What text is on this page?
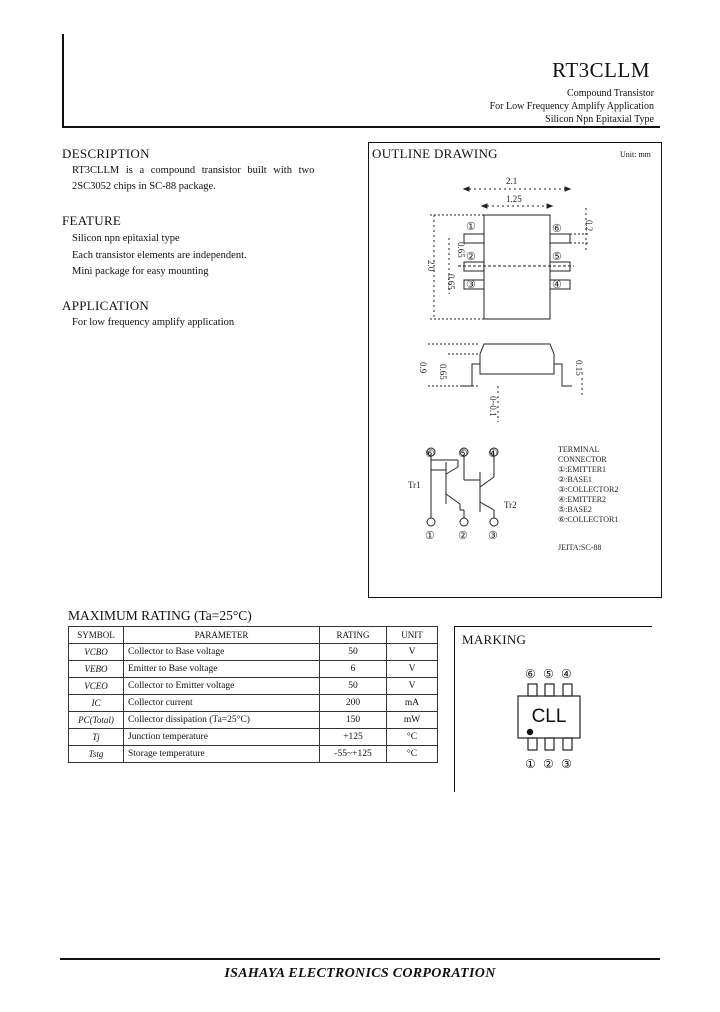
RT3CLLM
Compound Transistor
For Low Frequency Amplify Application
Silicon Npn Epitaxial Type
DESCRIPTION
RT3CLLM is a compound transistor built with two
2SC3052 chips in SC-88 package.
FEATURE
Silicon npn epitaxial type
Each transistor elements are independent.
Mini package for easy mounting
APPLICATION
For low frequency amplify application
OUTLINE DRAWING	Unit: mm
①
②
③
⑥
⑤
④
2.1
1.25
0.2
2.0
0.65
0.65
0.9 0.65	0.15
0~0.1
⑥ ⑤ ④
① ② ③
Tr1
Tr2
TERMINAL
CONNECTOR
①:EMITTER1
②:BASE1
③:COLLECTOR2
④:EMITTER2
⑤:BASE2
⑥:COLLECTOR1
JEITA:SC-88
MAXIMUM RATING (Ta=25°C)
SYMBOL	PARAMETER	RATING	UNIT
VCBO	Collector to Base voltage	50	V
VEBO	Emitter to Base voltage	6	V
VCEO	Collector to Emitter voltage	50	V
IC	Collector current	200	mA
PC(Total)	Collector dissipation (Ta=25°C)	150	mW
Tj	Junction temperature	+125	°C
Tstg	Storage temperature	-55~+125	°C
MARKING
CLL
⑥ ⑤ ④
① ② ③
ISAHAYA ELECTRONICS CORPORATION
